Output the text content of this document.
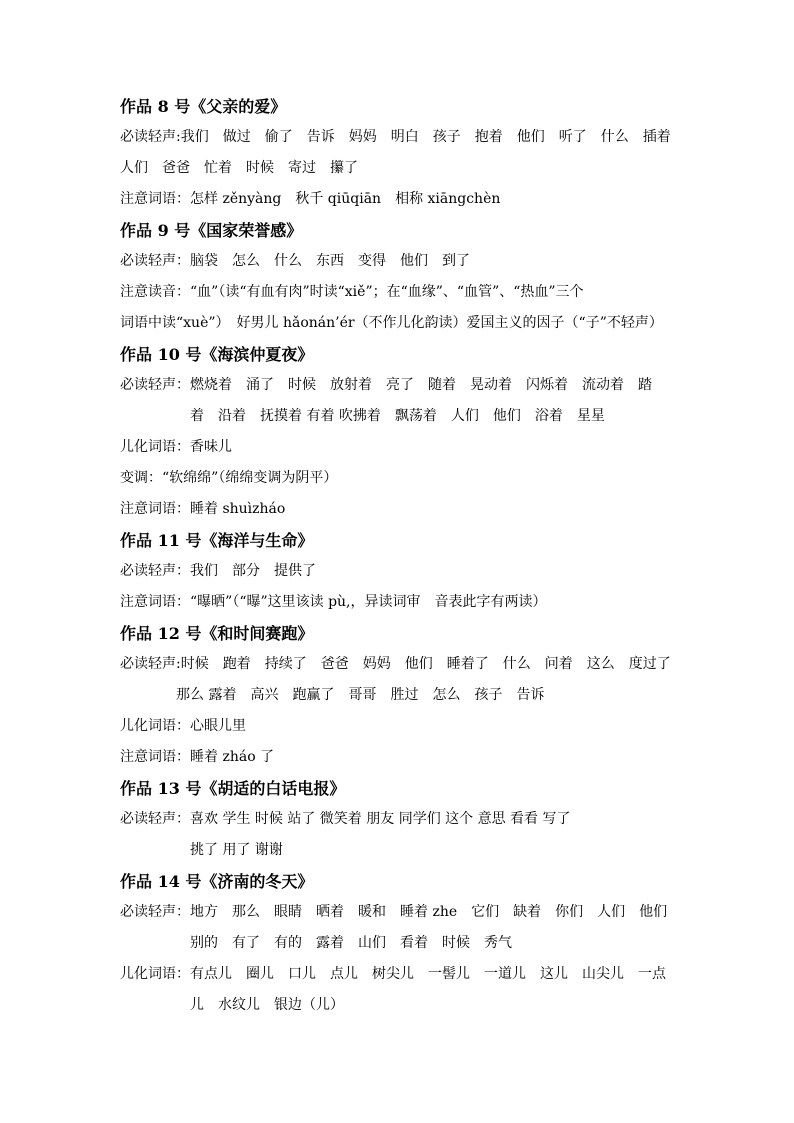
作品 8 号《父亲的爱》
必读轻声:我们　做过　偷了　告诉　妈妈　明白　孩子　抱着　他们　听了　什么　插着
人们　爸爸　忙着　时候　寄过　攥了
注意词语：怎样 zěnyàng　秋千 qiūqiān　相称 xiāngchèn
作品 9 号《国家荣誉感》
必读轻声：脑袋　怎么　什么　东西　变得　他们　到了
注意读音：“血”（读“有血有肉”时读“xiě”；在“血缘”、“血管”、“热血”三个
词语中读“xuè”）　好男儿 hǎonán’ér（不作儿化韵读）爱国主义的因子（“子”不轻声）
作品 10 号《海滨仲夏夜》
必读轻声：燃烧着　涌了　时候　放射着　亮了　随着　晃动着　闪烁着　流动着　踏
着　沿着　抚摸着 有着 吹拂着　飘荡着　人们　他们　浴着　星星
儿化词语：香味儿
变调：“软绵绵”（绵绵变调为阴平）
注意词语：睡着 shuìzháo
作品 11 号《海洋与生命》
必读轻声：我们　部分　提供了
注意词语：“曝晒”（“曝”这里该读 pù,，异读词审　音表此字有两读）
作品 12 号《和时间赛跑》
必读轻声:时候　跑着　持续了　爸爸　妈妈　他们　睡着了　什么　问着　这么　度过了
那么 露着　高兴　跑赢了　哥哥　胜过　怎么　孩子　告诉
儿化词语：心眼儿里
注意词语：睡着 zháo 了
作品 13 号《胡适的白话电报》
必读轻声：喜欢 学生 时候 站了 微笑着 朋友 同学们 这个 意思 看看 写了
挑了 用了 谢谢
作品 14 号《济南的冬天》
必读轻声：地方　那么　眼睛　晒着　暖和　睡着 zhe　它们　缺着　你们　人们　他们
别的　有了　有的　露着　山们　看着　时候　秀气
儿化词语：有点儿　圈儿　口儿　点儿　树尖儿　一髻儿　一道儿　这儿　山尖儿　一点
儿　水纹儿　银边（儿）
